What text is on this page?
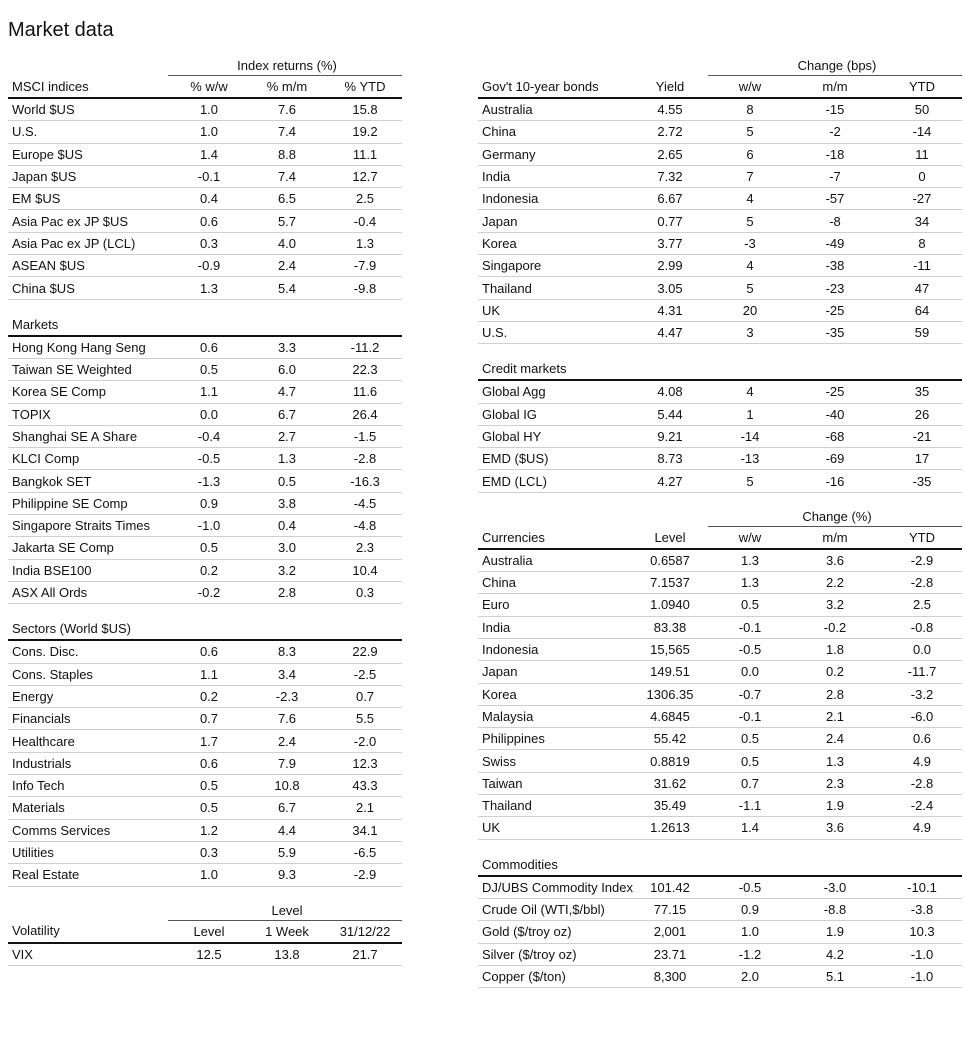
Market data
	Index returns (%)		
MSCI indices	% w/w	% m/m	% YTD
World $US	1.0	7.6	15.8
U.S.	1.0	7.4	19.2
Europe $US	1.4	8.8	11.1
Japan $US	-0.1	7.4	12.7
EM $US	0.4	6.5	2.5
Asia Pac ex JP $US	0.6	5.7	-0.4
Asia Pac ex JP (LCL)	0.3	4.0	1.3
ASEAN $US	-0.9	2.4	-7.9
China $US	1.3	5.4	-9.8

Markets			
Hong Kong Hang Seng	0.6	3.3	-11.2
Taiwan SE Weighted	0.5	6.0	22.3
Korea SE Comp	1.1	4.7	11.6
TOPIX	0.0	6.7	26.4
Shanghai SE A Share	-0.4	2.7	-1.5
KLCI Comp	-0.5	1.3	-2.8
Bangkok SET	-1.3	0.5	-16.3
Philippine SE Comp	0.9	3.8	-4.5
Singapore Straits Times	-1.0	0.4	-4.8
Jakarta SE Comp	0.5	3.0	2.3
India BSE100	0.2	3.2	10.4
ASX All Ords	-0.2	2.8	0.3

Sectors (World $US)			
Cons. Disc.	0.6	8.3	22.9
Cons. Staples	1.1	3.4	-2.5
Energy	0.2	-2.3	0.7
Financials	0.7	7.6	5.5
Healthcare	1.7	2.4	-2.0
Industrials	0.6	7.9	12.3
Info Tech	0.5	10.8	43.3
Materials	0.5	6.7	2.1
Comms Services	1.2	4.4	34.1
Utilities	0.3	5.9	-6.5
Real Estate	1.0	9.3	-2.9

	Level		
Volatility	Level	1 Week	31/12/22
VIX	12.5	13.8	21.7
		Change (bps)		
Gov't 10-year bonds	Yield	w/w	m/m	YTD
Australia	4.55	8	-15	50
China	2.72	5	-2	-14
Germany	2.65	6	-18	11
India	7.32	7	-7	0
Indonesia	6.67	4	-57	-27
Japan	0.77	5	-8	34
Korea	3.77	-3	-49	8
Singapore	2.99	4	-38	-11
Thailand	3.05	5	-23	47
UK	4.31	20	-25	64
U.S.	4.47	3	-35	59

Credit markets				
Global Agg	4.08	4	-25	35
Global IG	5.44	1	-40	26
Global HY	9.21	-14	-68	-21
EMD ($US)	8.73	-13	-69	17
EMD (LCL)	4.27	5	-16	-35

		Change (%)		
Currencies	Level	w/w	m/m	YTD
Australia	0.6587	1.3	3.6	-2.9
China	7.1537	1.3	2.2	-2.8
Euro	1.0940	0.5	3.2	2.5
India	83.38	-0.1	-0.2	-0.8
Indonesia	15,565	-0.5	1.8	0.0
Japan	149.51	0.0	0.2	-11.7
Korea	1306.35	-0.7	2.8	-3.2
Malaysia	4.6845	-0.1	2.1	-6.0
Philippines	55.42	0.5	2.4	0.6
Swiss	0.8819	0.5	1.3	4.9
Taiwan	31.62	0.7	2.3	-2.8
Thailand	35.49	-1.1	1.9	-2.4
UK	1.2613	1.4	3.6	4.9

Commodities				
DJ/UBS Commodity Index	101.42	-0.5	-3.0	-10.1
Crude Oil (WTI,$/bbl)	77.15	0.9	-8.8	-3.8
Gold ($/troy oz)	2,001	1.0	1.9	10.3
Silver ($/troy oz)	23.71	-1.2	4.2	-1.0
Copper ($/ton)	8,300	2.0	5.1	-1.0
